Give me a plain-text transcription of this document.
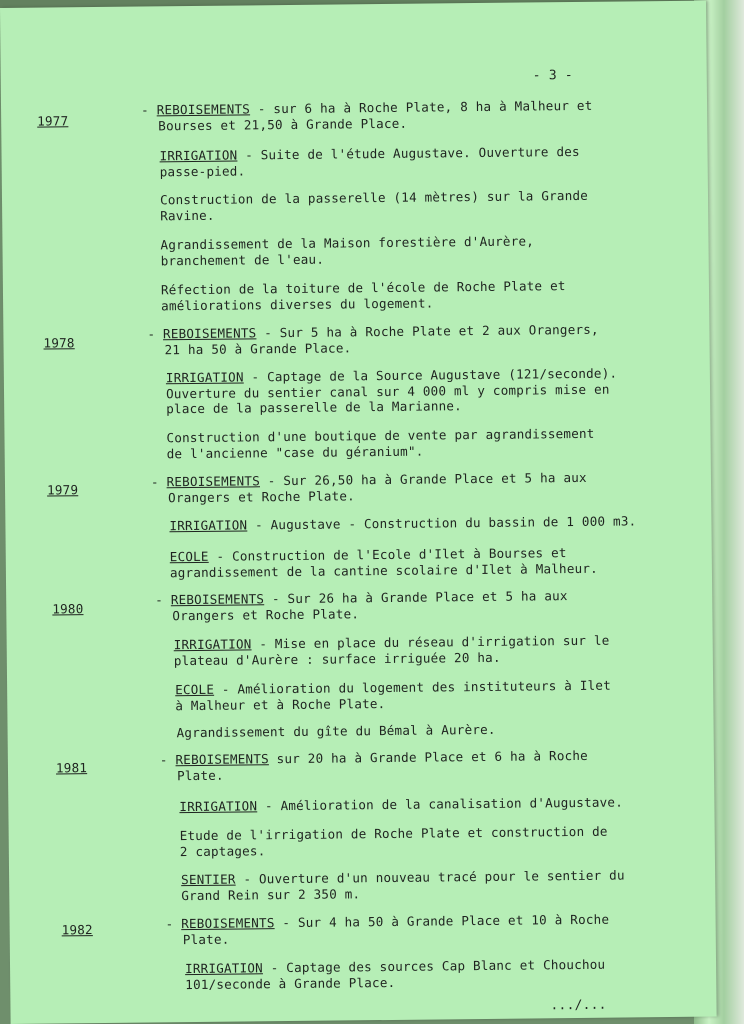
- 3 -
1977

- REBOISEMENTS - sur 6 ha à Roche Plate, 8 ha à Malheur et

Bourses et 21,50 à Grande Place.

IRRIGATION - Suite de l'étude Augustave. Ouverture des

passe-pied.

Construction de la passerelle (14 mètres) sur la Grande

Ravine.

Agrandissement de la Maison forestière d'Aurère,

branchement de l'eau.

Réfection de la toiture de l'école de Roche Plate et

améliorations diverses du logement.

1978

- REBOISEMENTS - Sur 5 ha à Roche Plate et 2 aux Orangers,

21 ha 50 à Grande Place.

IRRIGATION - Captage de la Source Augustave (121/seconde).

Ouverture du sentier canal sur 4 000 ml y compris mise en

place de la passerelle de la Marianne.

Construction d'une boutique de vente par agrandissement

de l'ancienne "case du géranium".

1979

- REBOISEMENTS - Sur 26,50 ha à Grande Place et 5 ha aux

Orangers et Roche Plate.

IRRIGATION - Augustave - Construction du bassin de 1 000 m3.

ECOLE - Construction de l'Ecole d'Ilet à Bourses et

agrandissement de la cantine scolaire d'Ilet à Malheur.

1980

- REBOISEMENTS - Sur 26 ha à Grande Place et 5 ha aux

Orangers et Roche Plate.

IRRIGATION - Mise en place du réseau d'irrigation sur le

plateau d'Aurère : surface irriguée 20 ha.

ECOLE - Amélioration du logement des instituteurs à Ilet

à Malheur et à Roche Plate.

Agrandissement du gîte du Bémal à Aurère.

1981

- REBOISEMENTS sur 20 ha à Grande Place et 6 ha à Roche

Plate.

IRRIGATION - Amélioration de la canalisation d'Augustave.

Etude de l'irrigation de Roche Plate et construction de

2 captages.

SENTIER - Ouverture d'un nouveau tracé pour le sentier du

Grand Rein sur 2 350 m.

1982	- REBOISEMENTS - Sur 4 ha 50 à Grande Place et 10 à Roche

Plate.

IRRIGATION - Captage des sources Cap Blanc et Chouchou

101/seconde à Grande Place.

.../...
